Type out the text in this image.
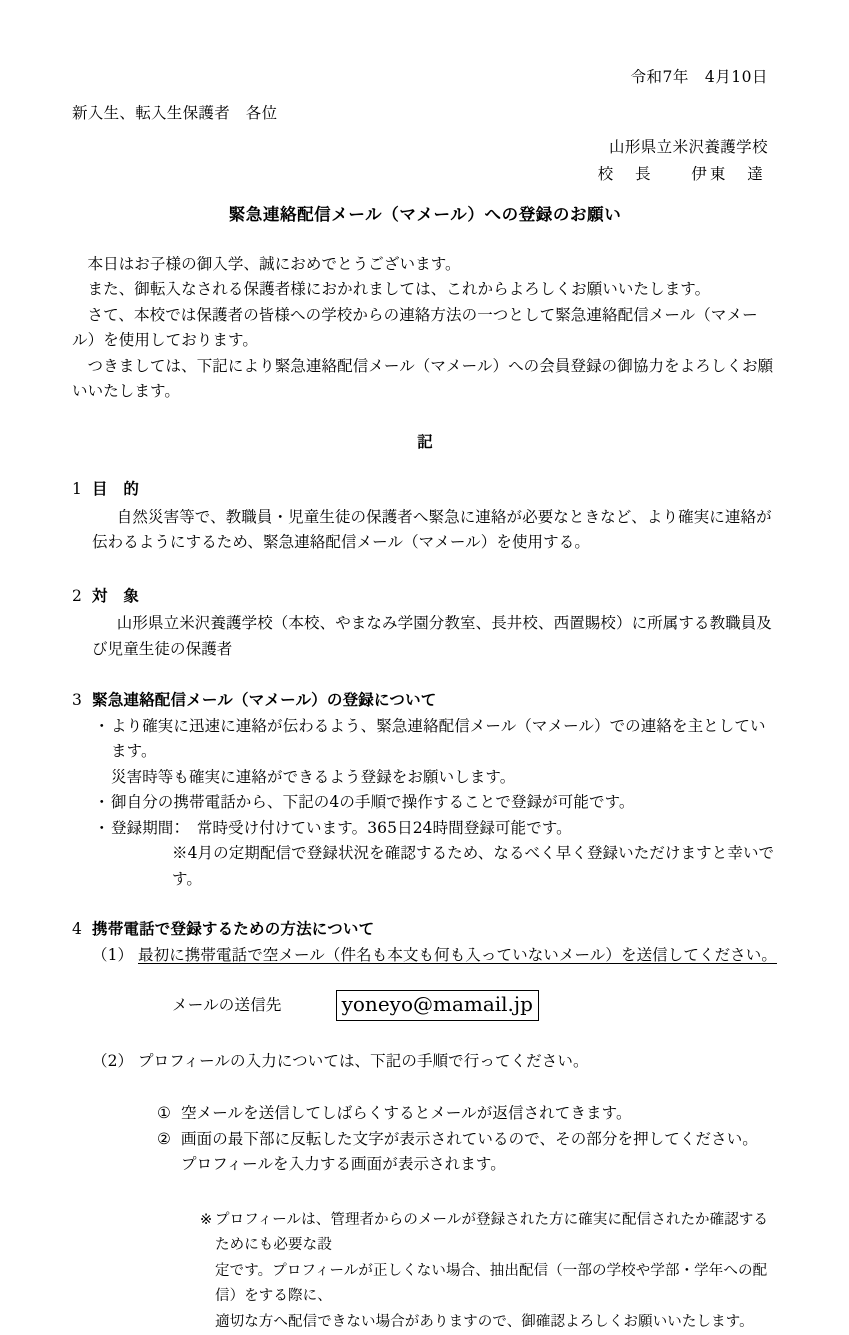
令和7年　4月10日
新入生、転入生保護者　各位
山形県立米沢養護学校
校　長　　伊東　達
緊急連絡配信メール（マメール）への登録のお願い

本日はお子様の御入学、誠におめでとうございます。

また、御転入なされる保護者様におかれましては、これからよろしくお願いいたします。

さて、本校では保護者の皆様への学校からの連絡方法の一つとして緊急連絡配信メール（マメール）を使用しております。

つきましては、下記により緊急連絡配信メール（マメール）への会員登録の御協力をよろしくお願いいたします。

記
1 目　的

自然災害等で、教職員・児童生徒の保護者へ緊急に連絡が必要なときなど、より確実に連絡が伝わるようにするため、緊急連絡配信メール（マメール）を使用する。

2 対　象

山形県立米沢養護学校（本校、やまなみ学園分教室、長井校、西置賜校）に所属する教職員及び児童生徒の保護者

3 緊急連絡配信メール（マメール）の登録について
・ より確実に迅速に連絡が伝わるよう、緊急連絡配信メール（マメール）での連絡を主としています。
災害時等も確実に連絡ができるよう登録をお願いします。
・ 御自分の携帯電話から、下記の4の手順で操作することで登録が可能です。
・ 登録期間：　常時受け付けています。365日24時間登録可能です。
※4月の定期配信で登録状況を確認するため、なるべく早く登録いただけますと幸いです。
4 携帯電話で登録するための方法について
（1） 最初に携帯電話で空メール（件名も本文も何も入っていないメール）を送信してください。
メールの送信先	yoneyo@mamail.jp
（2） プロフィールの入力については、下記の手順で行ってください。
① 空メールを送信してしばらくするとメールが返信されてきます。
② 画面の最下部に反転した文字が表示されているので、その部分を押してください。
プロフィールを入力する画面が表示されます。
※ プロフィールは、管理者からのメールが登録された方に確実に配信されたか確認するためにも必要な設
定です。プロフィールが正しくない場合、抽出配信（一部の学校や学部・学年への配信）をする際に、
適切な方へ配信できない場合がありますので、御確認よろしくお願いいたします。
